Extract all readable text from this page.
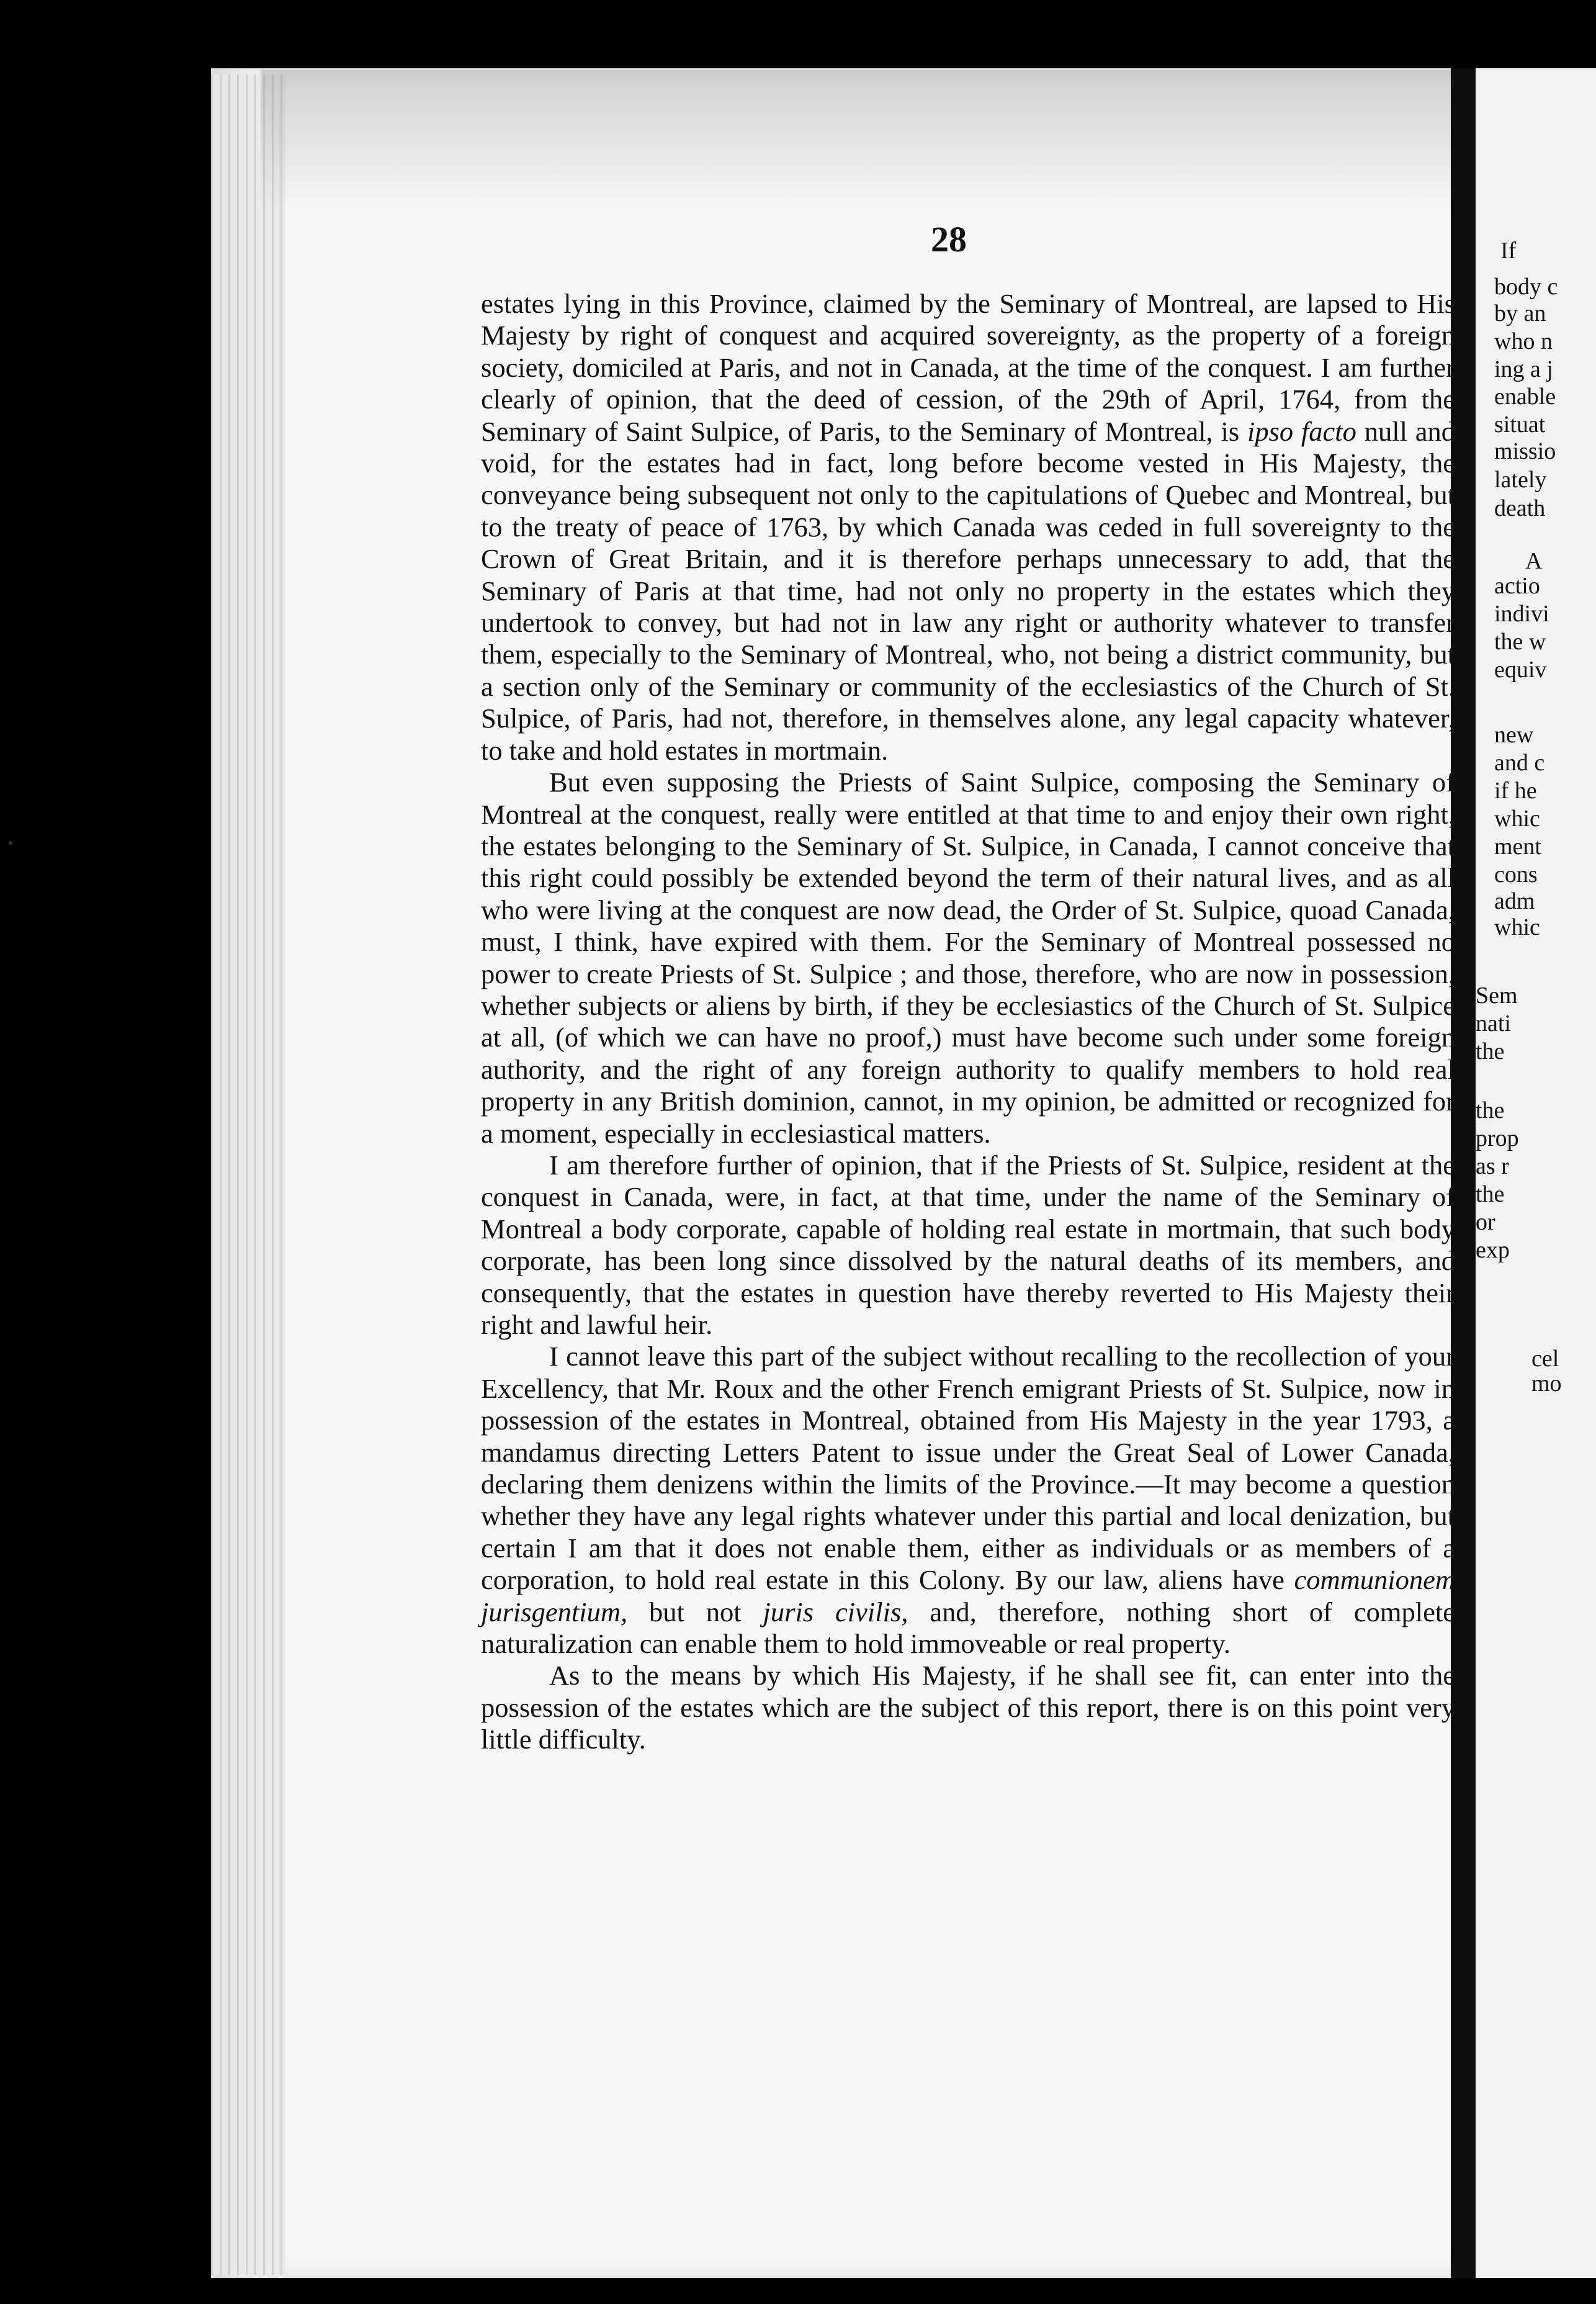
If
body c
by an
who n
ing a j
enable
situat
missio
lately
death
A
actio
indivi
the w
equiv
new
and c
if he
whic
ment
cons
adm
whic
Sem
nati
the
the
prop
as r
the
or
exp
cel
mo
28

estates lying in this Province, claimed by the Seminary of Montreal, are lapsed to His Majesty by right of conquest and acquired sovereignty, as the property of a foreign society, domiciled at Paris, and not in Canada, at the time of the conquest. I am further clearly of opinion, that the deed of cession, of the 29th of April, 1764, from the Seminary of Saint Sulpice, of Paris, to the Seminary of Montreal, is ipso facto null and void, for the estates had in fact, long before become vested in His Majesty, the conveyance being subsequent not only to the capitulations of Quebec and Montreal, but to the treaty of peace of 1763, by which Canada was ceded in full sovereignty to the Crown of Great Britain, and it is therefore perhaps unnecessary to add, that the Seminary of Paris at that time, had not only no property in the estates which they undertook to convey, but had not in law any right or authority whatever to transfer them, especially to the Seminary of Montreal, who, not being a district community, but a section only of the Seminary or community of the ecclesiastics of the Church of St. Sulpice, of Paris, had not, therefore, in themselves alone, any legal capacity whatever, to take and hold estates in mortmain.

But even supposing the Priests of Saint Sulpice, composing the Seminary of Montreal at the conquest, really were entitled at that time to and enjoy their own right, the estates belonging to the Seminary of St. Sulpice, in Canada, I cannot conceive that this right could possibly be extended beyond the term of their natural lives, and as all who were living at the conquest are now dead, the Order of St. Sulpice, quoad Canada, must, I think, have expired with them. For the Seminary of Montreal possessed no power to create Priests of St. Sulpice ; and those, therefore, who are now in possession, whether subjects or aliens by birth, if they be ecclesiastics of the Church of St. Sulpice at all, (of which we can have no proof,) must have become such under some foreign authority, and the right of any foreign authority to qualify members to hold real property in any British dominion, cannot, in my opinion, be admitted or recognized for a moment, especially in ecclesiastical matters.

I am therefore further of opinion, that if the Priests of St. Sulpice, resident at the conquest in Canada, were, in fact, at that time, under the name of the Seminary of Montreal a body corporate, capable of holding real estate in mortmain, that such body corporate, has been long since dissolved by the natural deaths of its members, and consequently, that the estates in question have thereby reverted to His Majesty their right and lawful heir.

I cannot leave this part of the subject without recalling to the recollection of your Excellency, that Mr. Roux and the other French emigrant Priests of St. Sulpice, now in possession of the estates in Montreal, obtained from His Majesty in the year 1793, a mandamus directing Letters Patent to issue under the Great Seal of Lower Canada, declaring them denizens within the limits of the Province.—It may become a question whether they have any legal rights whatever under this partial and local denization, but certain I am that it does not enable them, either as individuals or as members of a corporation, to hold real estate in this Colony. By our law, aliens have communionem jurisgentium, but not juris civilis, and, therefore, nothing short of complete naturalization can enable them to hold immoveable or real property.

As to the means by which His Majesty, if he shall see fit, can enter into the possession of the estates which are the subject of this report, there is on this point very little difficulty.
